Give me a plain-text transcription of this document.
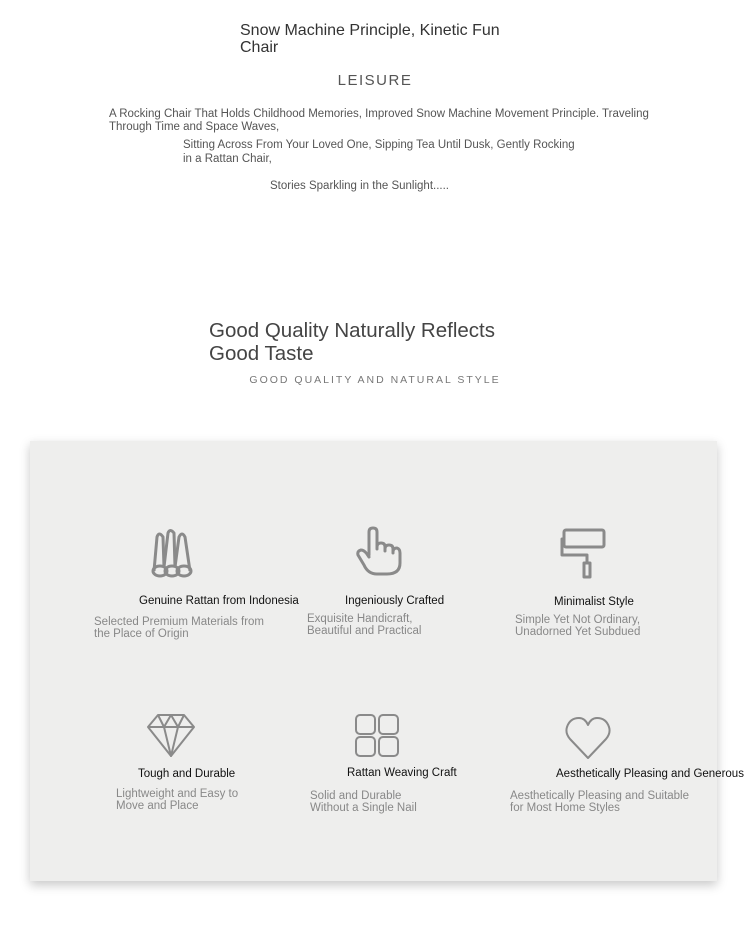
Snow Machine Principle, Kinetic Fun Chair
LEISURE
A Rocking Chair That Holds Childhood Memories, Improved Snow Machine Movement Principle. Traveling Through Time and Space Waves,
Sitting Across From Your Loved One, Sipping Tea Until Dusk, Gently Rocking in a Rattan Chair,
Stories Sparkling in the Sunlight.....
Good Quality Naturally Reflects Good Taste
GOOD QUALITY AND NATURAL STYLE
Genuine Rattan from Indonesia
Selected Premium Materials from the Place of Origin
Ingeniously Crafted
Exquisite Handicraft, Beautiful and Practical
Minimalist Style
Simple Yet Not Ordinary, Unadorned Yet Subdued
Tough and Durable
Lightweight and Easy to Move and Place
Rattan Weaving Craft
Solid and Durable Without a Single Nail
Aesthetically Pleasing and Generous
Aesthetically Pleasing and Suitable for Most Home Styles
